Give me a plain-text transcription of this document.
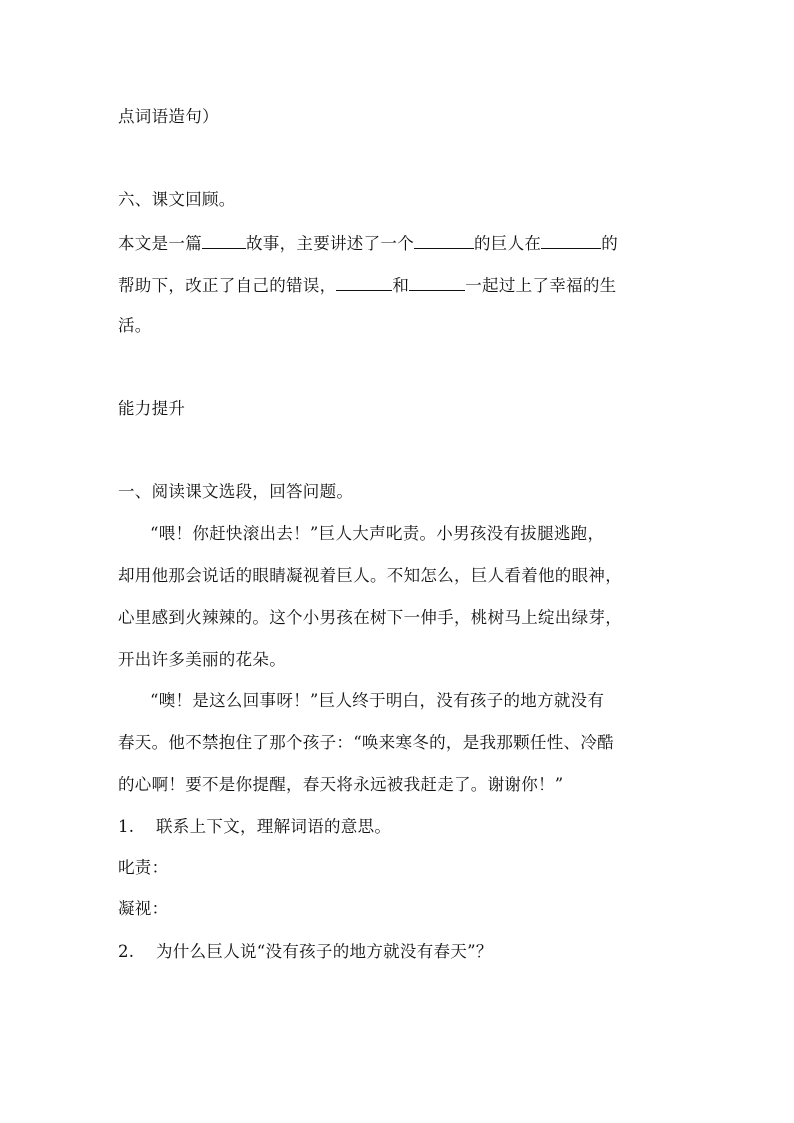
点词语造句）
六、课文回顾。
本文是一篇	故事，主要讲述了一个	的巨人在	的
帮助下，改正了自己的错误，	和	一起过上了幸福的生
活。
能力提升
一、阅读课文选段，回答问题。
“喂！你赶快滚出去！”巨人大声叱责。小男孩没有拔腿逃跑，
却用他那会说话的眼睛凝视着巨人。不知怎么，巨人看着他的眼神，
心里感到火辣辣的。这个小男孩在树下一伸手，桃树马上绽出绿芽，
开出许多美丽的花朵。
“噢！是这么回事呀！”巨人终于明白，没有孩子的地方就没有
春天。他不禁抱住了那个孩子：“唤来寒冬的，是我那颗任性、冷酷
的心啊！要不是你提醒，春天将永远被我赶走了。谢谢你！”
1. 联系上下文，理解词语的意思。
叱责：
凝视：
2. 为什么巨人说“没有孩子的地方就没有春天”？
